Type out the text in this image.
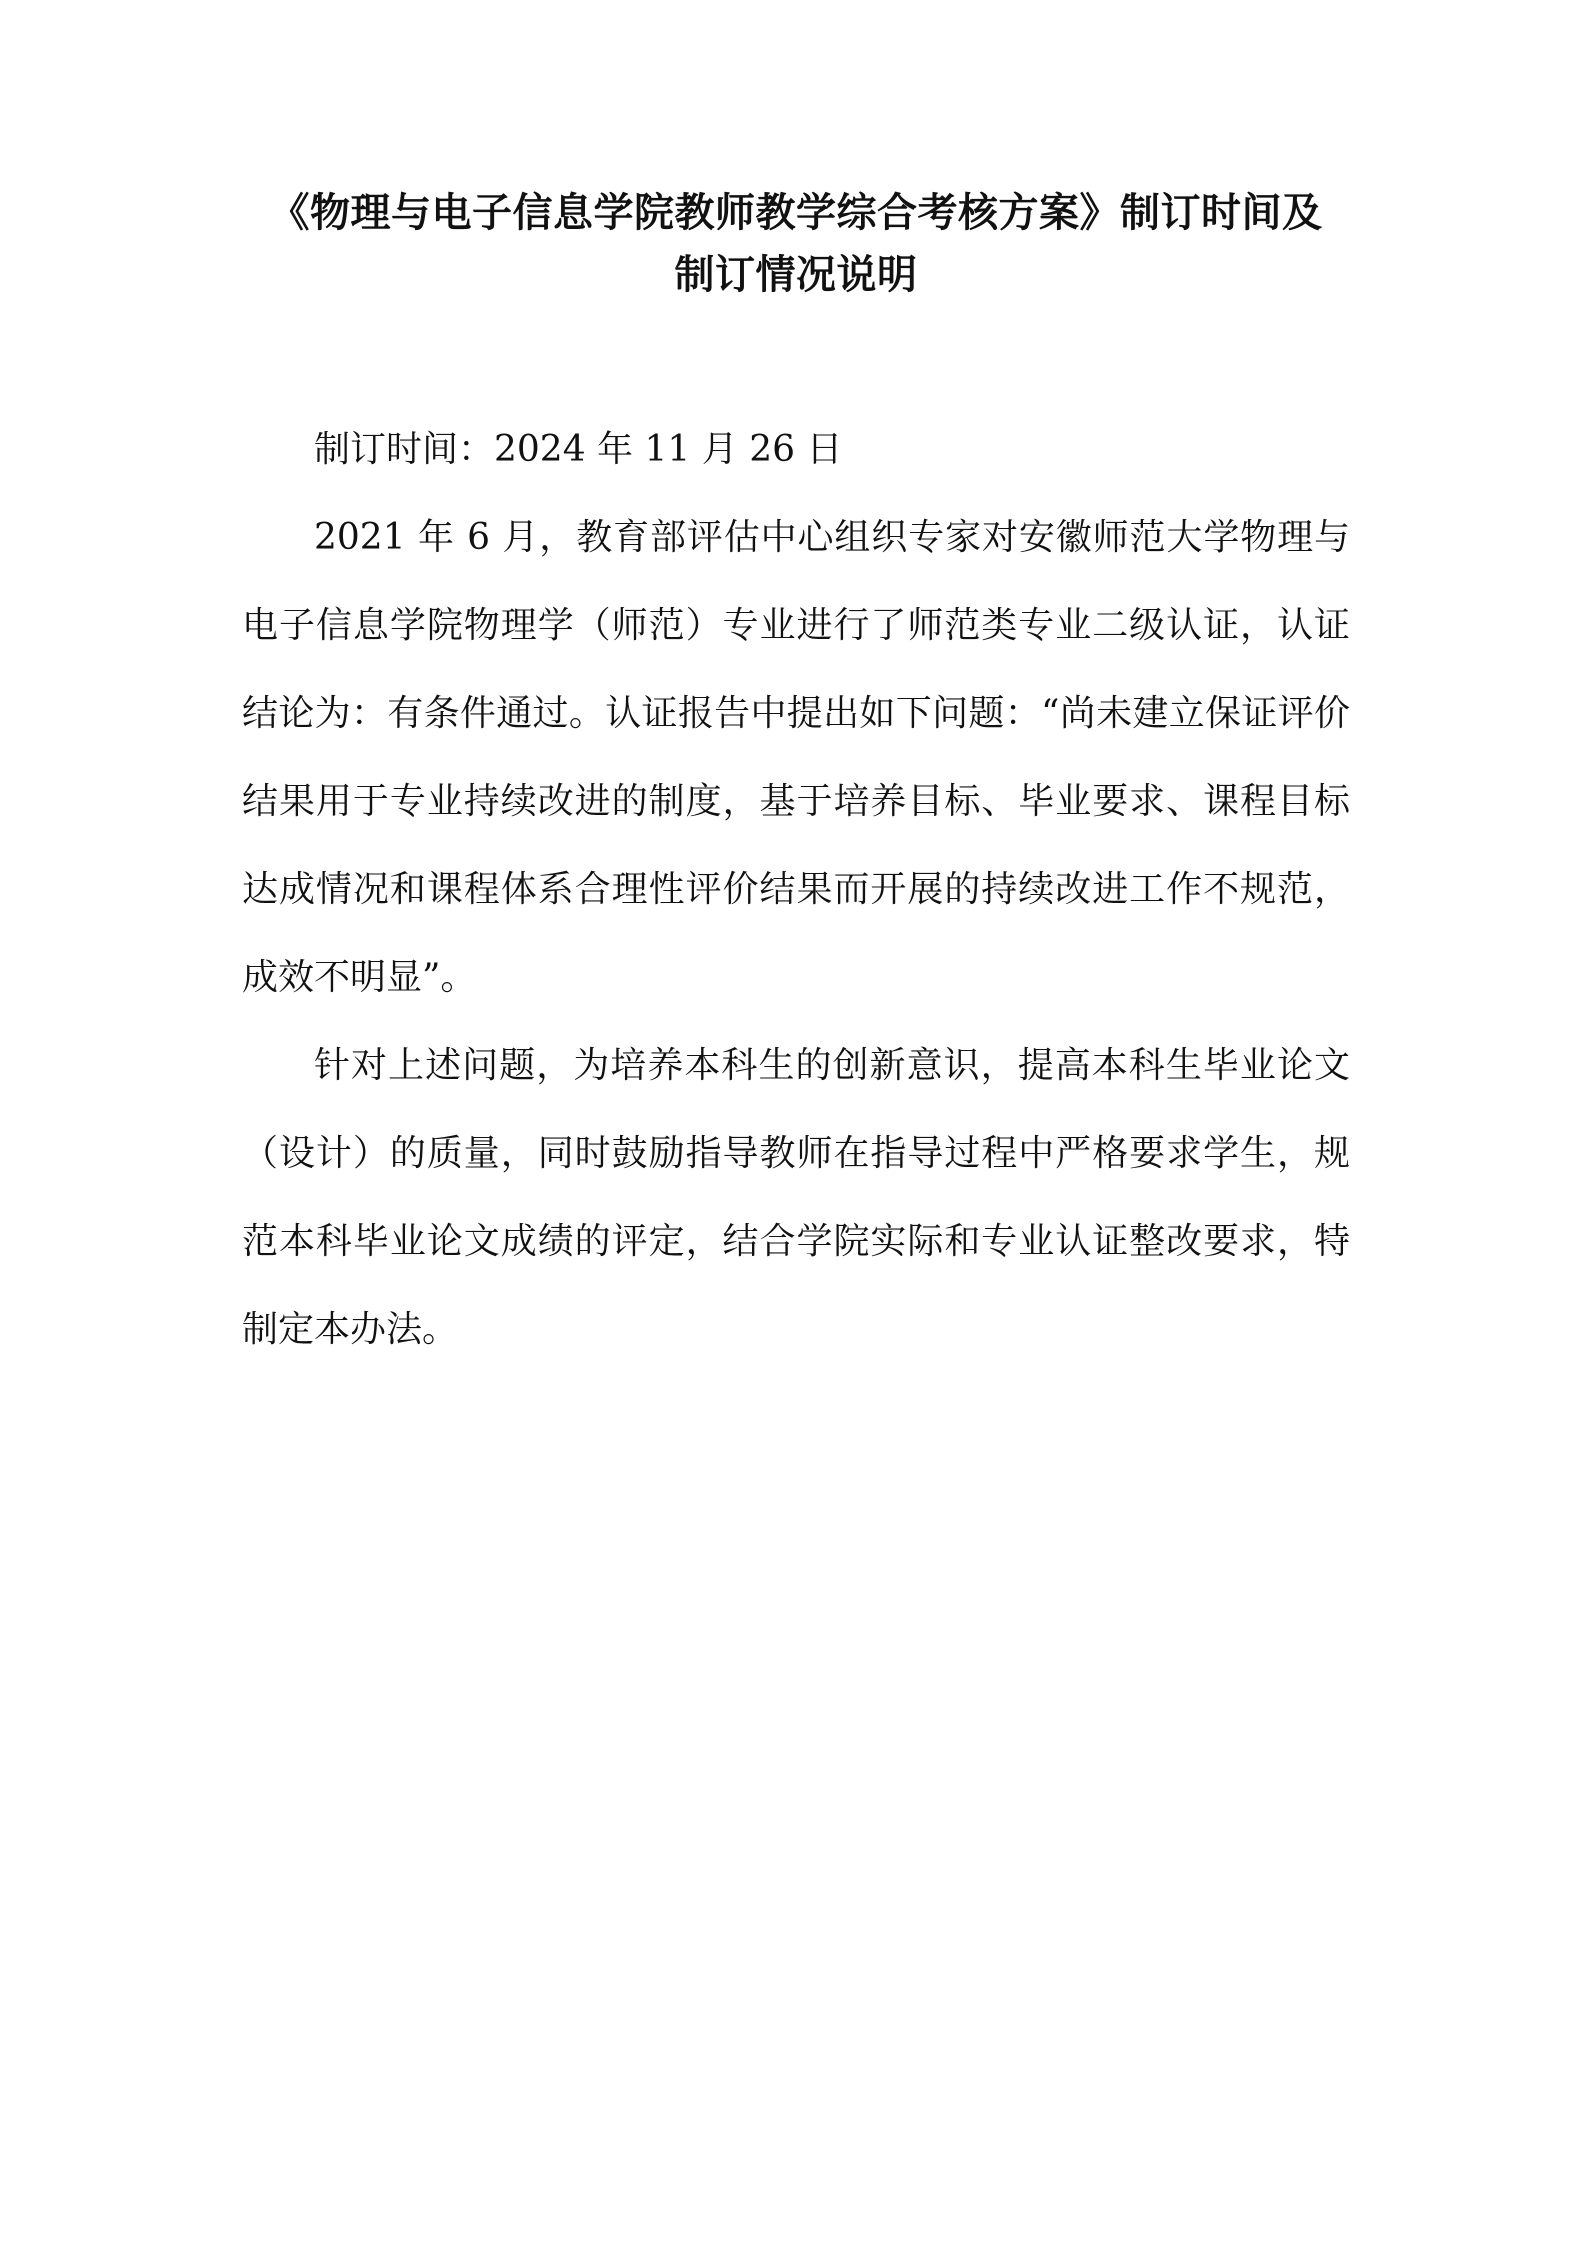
《物理与电子信息学院教师教学综合考核方案》制订时间及
制订情况说明

制订时间：2024 年 11 月 26 日

2021 年 6 月，教育部评估中心组织专家对安徽师范大学物理与电子信息学院物理学（师范）专业进行了师范类专业二级认证，认证结论为：有条件通过。认证报告中提出如下问题：“尚未建立保证评价结果用于专业持续改进的制度，基于培养目标、毕业要求、课程目标达成情况和课程体系合理性评价结果而开展的持续改进工作不规范，成效不明显”。

针对上述问题，为培养本科生的创新意识，提高本科生毕业论文（设计）的质量，同时鼓励指导教师在指导过程中严格要求学生，规范本科毕业论文成绩的评定，结合学院实际和专业认证整改要求，特制定本办法。
